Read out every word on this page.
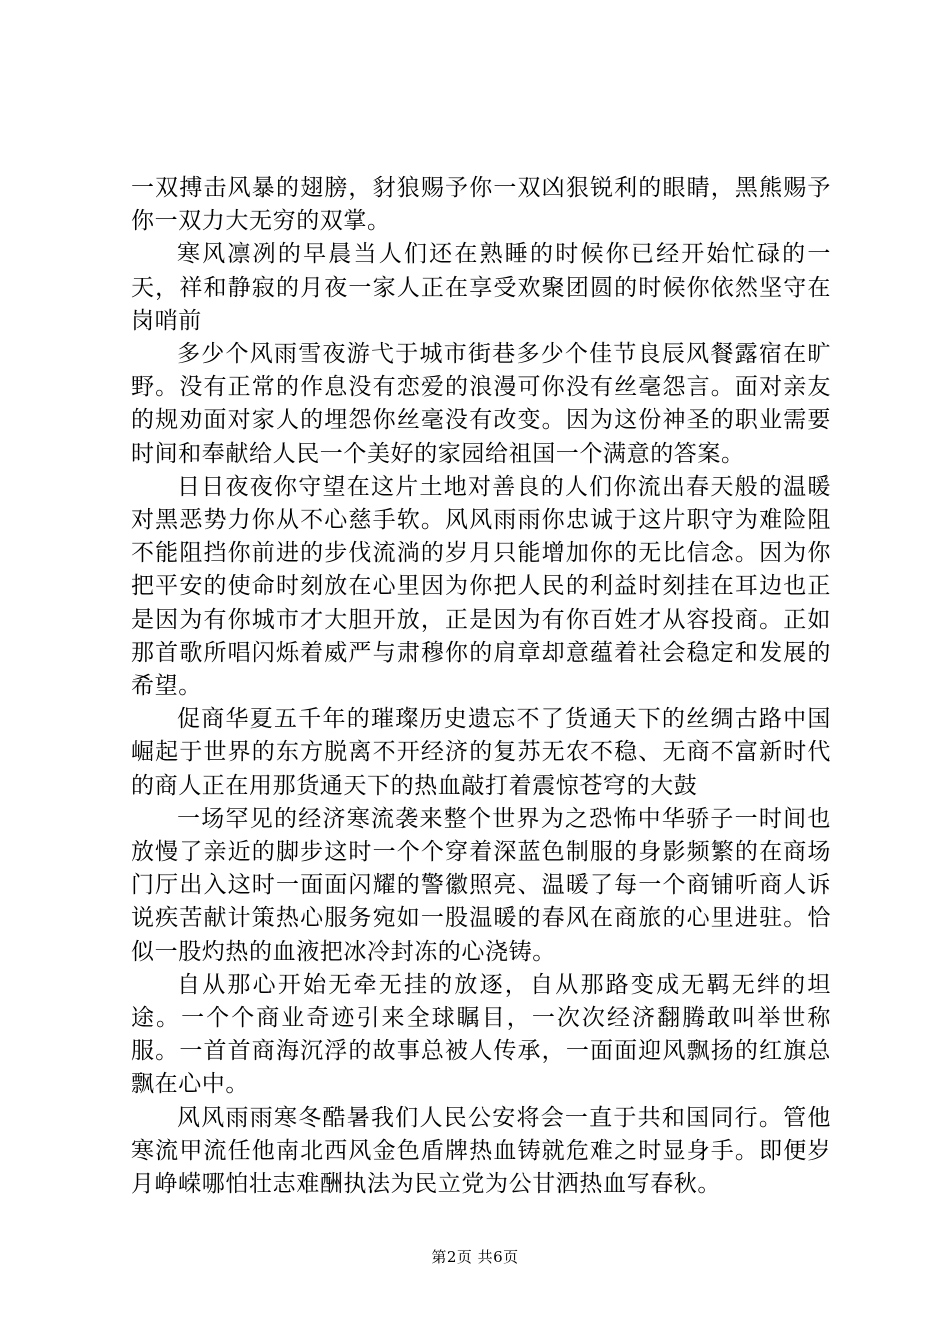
一双搏击风暴的翅膀，豺狼赐予你一双凶狠锐利的眼睛，黑熊赐予你一双力大无穷的双掌。

寒风凛冽的早晨当人们还在熟睡的时候你已经开始忙碌的一天，祥和静寂的月夜一家人正在享受欢聚团圆的时候你依然坚守在岗哨前

多少个风雨雪夜游弋于城市街巷多少个佳节良辰风餐露宿在旷野。没有正常的作息没有恋爱的浪漫可你没有丝毫怨言。面对亲友的规劝面对家人的埋怨你丝毫没有改变。因为这份神圣的职业需要时间和奉献给人民一个美好的家园给祖国一个满意的答案。

日日夜夜你守望在这片土地对善良的人们你流出春天般的温暖对黑恶势力你从不心慈手软。风风雨雨你忠诚于这片职守为难险阻不能阻挡你前进的步伐流淌的岁月只能增加你的无比信念。因为你把平安的使命时刻放在心里因为你把人民的利益时刻挂在耳边也正是因为有你城市才大胆开放，正是因为有你百姓才从容投商。正如那首歌所唱闪烁着威严与肃穆你的肩章却意蕴着社会稳定和发展的希望。

促商华夏五千年的璀璨历史遗忘不了货通天下的丝绸古路中国崛起于世界的东方脱离不开经济的复苏无农不稳、无商不富新时代的商人正在用那货通天下的热血敲打着震惊苍穹的大鼓

一场罕见的经济寒流袭来整个世界为之恐怖中华骄子一时间也放慢了亲近的脚步这时一个个穿着深蓝色制服的身影频繁的在商场门厅出入这时一面面闪耀的警徽照亮、温暖了每一个商铺听商人诉说疾苦献计策热心服务宛如一股温暖的春风在商旅的心里进驻。恰似一股灼热的血液把冰冷封冻的心浇铸。

自从那心开始无牵无挂的放逐，自从那路变成无羁无绊的坦途。一个个商业奇迹引来全球瞩目，一次次经济翻腾敢叫举世称服。一首首商海沉浮的故事总被人传承，一面面迎风飘扬的红旗总飘在心中。

风风雨雨寒冬酷暑我们人民公安将会一直于共和国同行。管他寒流甲流任他南北西风金色盾牌热血铸就危难之时显身手。即便岁月峥嵘哪怕壮志难酬执法为民立党为公甘洒热血写春秋。

第2页 共6页
